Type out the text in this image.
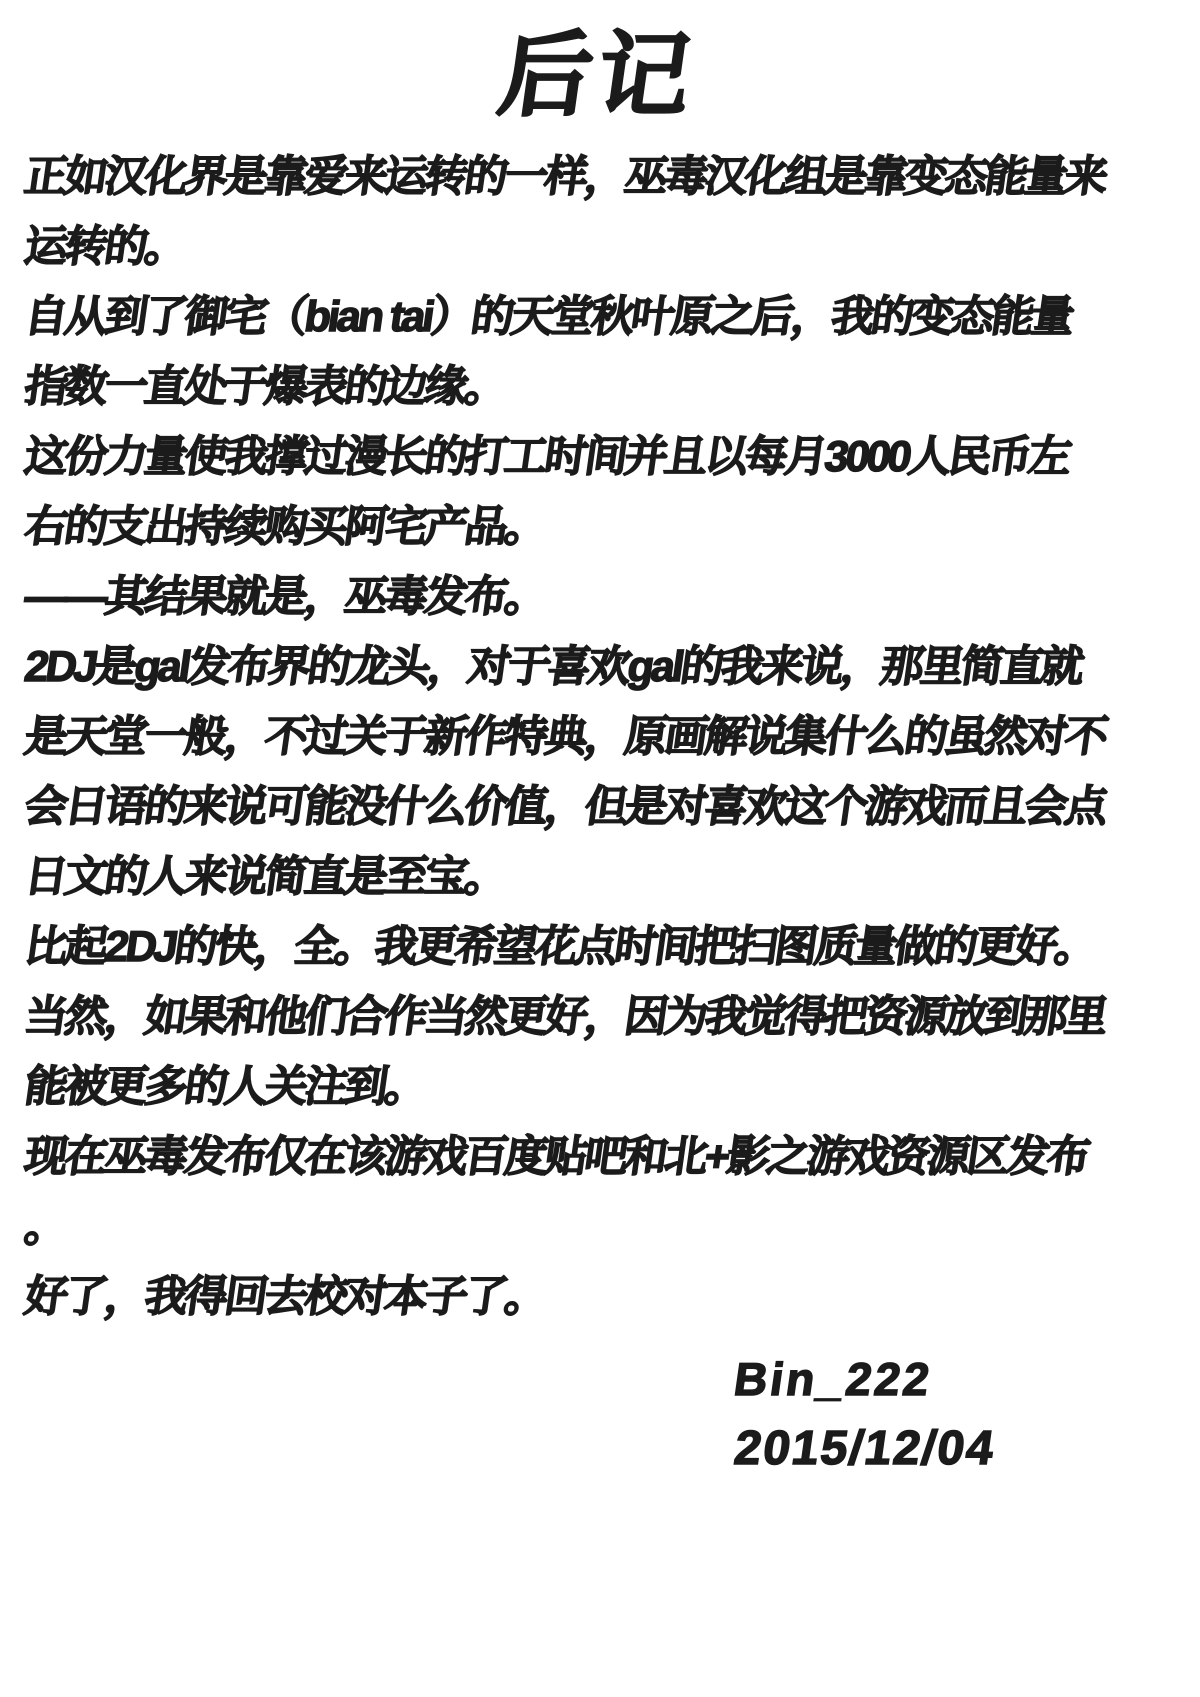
后记
正如汉化界是靠爱来运转的一样，巫毒汉化组是靠变态能量来
运转的。
自从到了御宅（bian tai）的天堂秋叶原之后，我的变态能量
指数一直处于爆表的边缘。
这份力量使我撑过漫长的打工时间并且以每月3000人民币左
右的支出持续购买阿宅产品。
——其结果就是，巫毒发布。
2DJ是gal发布界的龙头，对于喜欢gal的我来说，那里简直就
是天堂一般，不过关于新作特典，原画解说集什么的虽然对不
会日语的来说可能没什么价值，但是对喜欢这个游戏而且会点
日文的人来说简直是至宝。
比起2DJ的快，全。我更希望花点时间把扫图质量做的更好。
当然，如果和他们合作当然更好，因为我觉得把资源放到那里
能被更多的人关注到。
现在巫毒发布仅在该游戏百度贴吧和北+影之游戏资源区发布
。
好了，我得回去校对本子了。
Bin_222
2015/12/04
